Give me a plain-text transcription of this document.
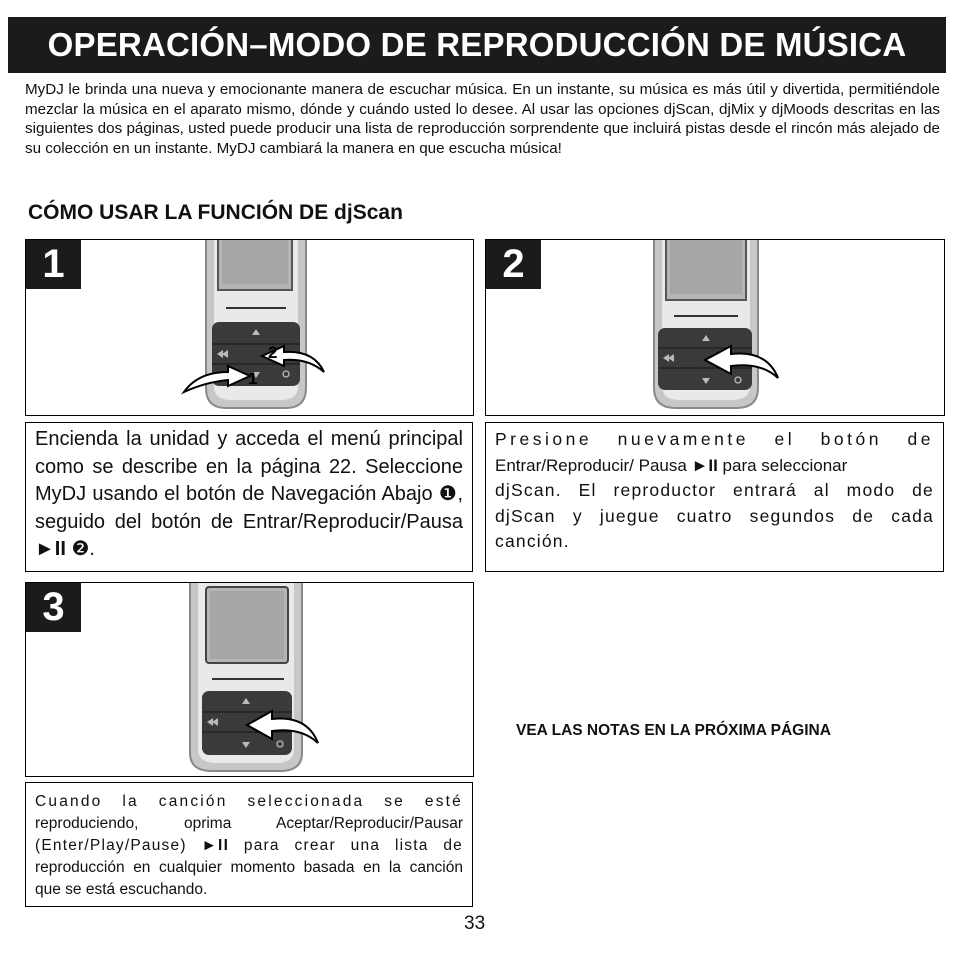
OPERACIÓN–MODO DE REPRODUCCIÓN DE MÚSICA
MyDJ le brinda una nueva y emocionante manera de escuchar música. En un instante, su música es más útil y divertida, permitiéndole mezclar la música en el aparato mismo, dónde y cuándo usted lo desee. Al usar las opciones djScan, djMix y djMoods descritas en las siguientes dos páginas, usted puede producir una lista de reproducción sorprendente que incluirá pistas desde el rincón más alejado de su colección en un instante. MyDJ cambiará la manera en que escucha música!
CÓMO USAR LA FUNCIÓN DE djScan
1
1
2
2
3
Encienda la unidad y acceda el menú principal como se describe en la página 22. Seleccione MyDJ usando el botón de Navegación Abajo ❶, seguido del botón de Entrar/Reproducir/Pausa ►II ❷.
Presione nuevamente el botón de
Entrar/Reproducir/ Pausa ►II para seleccionar
djScan. El reproductor entrará al modo de djScan y juegue cuatro segundos de cada canción.
Cuando la canción seleccionada se esté
reproduciendo, oprima Aceptar/Reproducir/Pausar
(Enter/Play/Pause) ►II para crear una lista de
reproducción en cualquier momento basada en la canción que se está escuchando.
VEA LAS NOTAS EN LA PRÓXIMA PÁGINA
33
